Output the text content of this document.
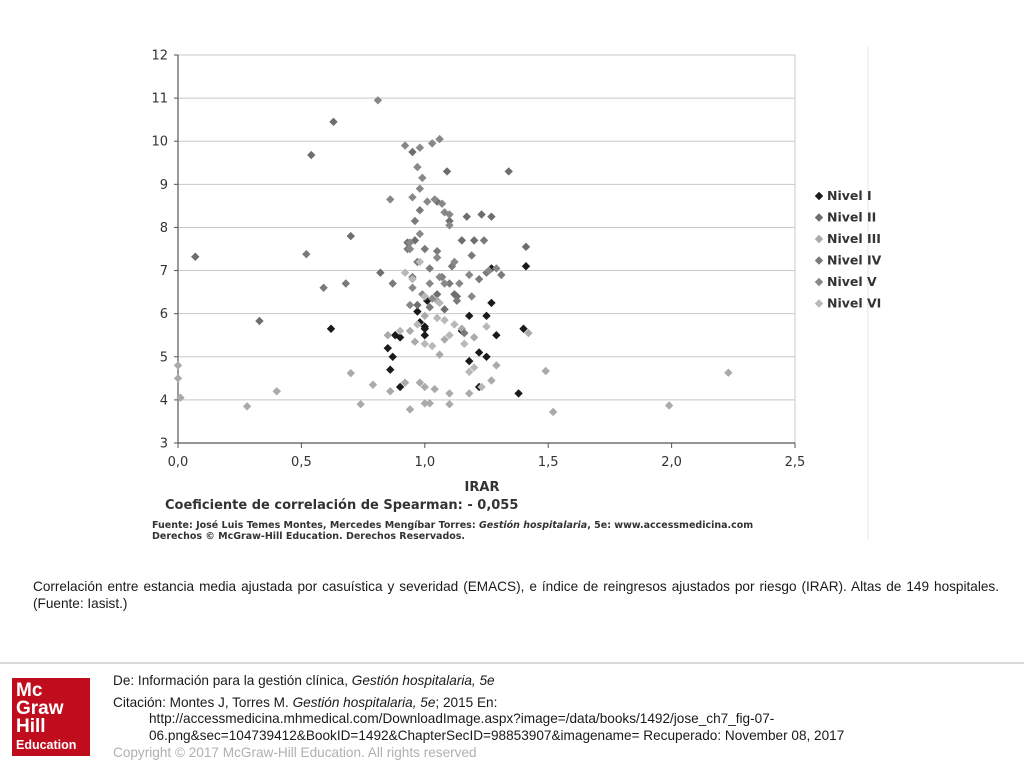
3
4
5
6
7
8
9
10
11
12
0,0	0,5	1,0	1,5	2,0	2,5
Nivel I
Nivel II
Nivel III
Nivel IV
Nivel V
Nivel VI
IRAR
Coeficiente de correlación de Spearman: - 0,055
Fuente: José Luis Temes Montes, Mercedes Mengíbar Torres: Gestión hospitalaria, 5e: www.accessmedicina.com
Derechos © McGraw-Hill Education. Derechos Reservados.
Correlación entre estancia media ajustada por casuística y severidad (EMACS), e índice de reingresos ajustados por riesgo (IRAR). Altas de 149 hospitales. (Fuente: Iasist.)
Mc
Graw
Hill
Education
De: Información para la gestión clínica, Gestión hospitalaria, 5e
Citación: Montes J, Torres M. Gestión hospitalaria, 5e; 2015 En:
http://accessmedicina.mhmedical.com/DownloadImage.aspx?image=/data/books/1492/jose_ch7_fig-07-
06.png&sec=104739412&BookID=1492&ChapterSecID=98853907&imagename= Recuperado: November 08, 2017
Copyright © 2017 McGraw-Hill Education. All rights reserved
